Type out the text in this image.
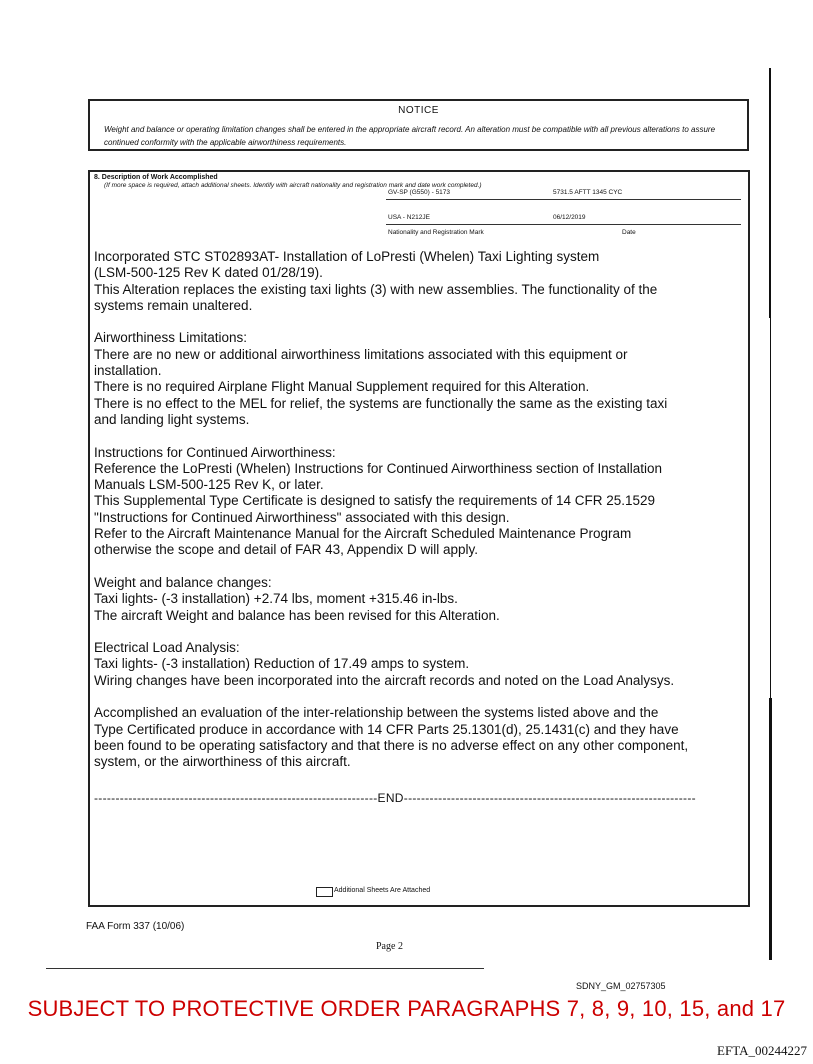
NOTICE
Weight and balance or operating limitation changes shall be entered in the appropriate aircraft record. An alteration must be compatible with all previous alterations to assure continued conformity with the applicable airworthiness requirements.
8. Description of Work Accomplished
(If more space is required, attach additional sheets. Identify with aircraft nationality and registration mark and date work completed.)
GV-SP (G550) - 5173	5731.5 AFTT 1345 CYC
USA - N212JE	06/12/2019
Nationality and Registration Mark	Date

Incorporated STC ST02893AT- Installation of LoPresti (Whelen) Taxi Lighting system

(LSM-500-125 Rev K dated 01/28/19).

This Alteration replaces the existing taxi lights (3) with new assemblies. The functionality of the

systems remain unaltered.

Airworthiness Limitations:

There are no new or additional airworthiness limitations associated with this equipment or

installation.

There is no required Airplane Flight Manual Supplement required for this Alteration.

There is no effect to the MEL for relief, the systems are functionally the same as the existing taxi

and landing light systems.

Instructions for Continued Airworthiness:

Reference the LoPresti (Whelen) Instructions for Continued Airworthiness section of Installation

Manuals LSM-500-125 Rev K, or later.

This Supplemental Type Certificate is designed to satisfy the requirements of 14 CFR 25.1529

"Instructions for Continued Airworthiness" associated with this design.

Refer to the Aircraft Maintenance Manual for the Aircraft Scheduled Maintenance Program

otherwise the scope and detail of FAR 43, Appendix D will apply.

Weight and balance changes:

Taxi lights- (-3 installation) +2.74 lbs, moment +315.46 in-lbs.

The aircraft Weight and balance has been revised for this Alteration.

Electrical Load Analysis:

Taxi lights- (-3 installation) Reduction of 17.49 amps to system.

Wiring changes have been incorporated into the aircraft records and noted on the Load Analysys.

Accomplished an evaluation of the inter-relationship between the systems listed above and the

Type Certificated produce in accordance with 14 CFR Parts 25.1301(d), 25.1431(c) and they have

been found to be operating satisfactory and that there is no adverse effect on any other component,

system, or the airworthiness of this aircraft.

------------------------------------------------------------------END--------------------------------------------------------------------
Additional Sheets Are Attached
FAA Form 337 (10/06)
Page 2
SDNY_GM_02757305
SUBJECT TO PROTECTIVE ORDER PARAGRAPHS 7, 8, 9, 10, 15, and 17
EFTA_00244227
